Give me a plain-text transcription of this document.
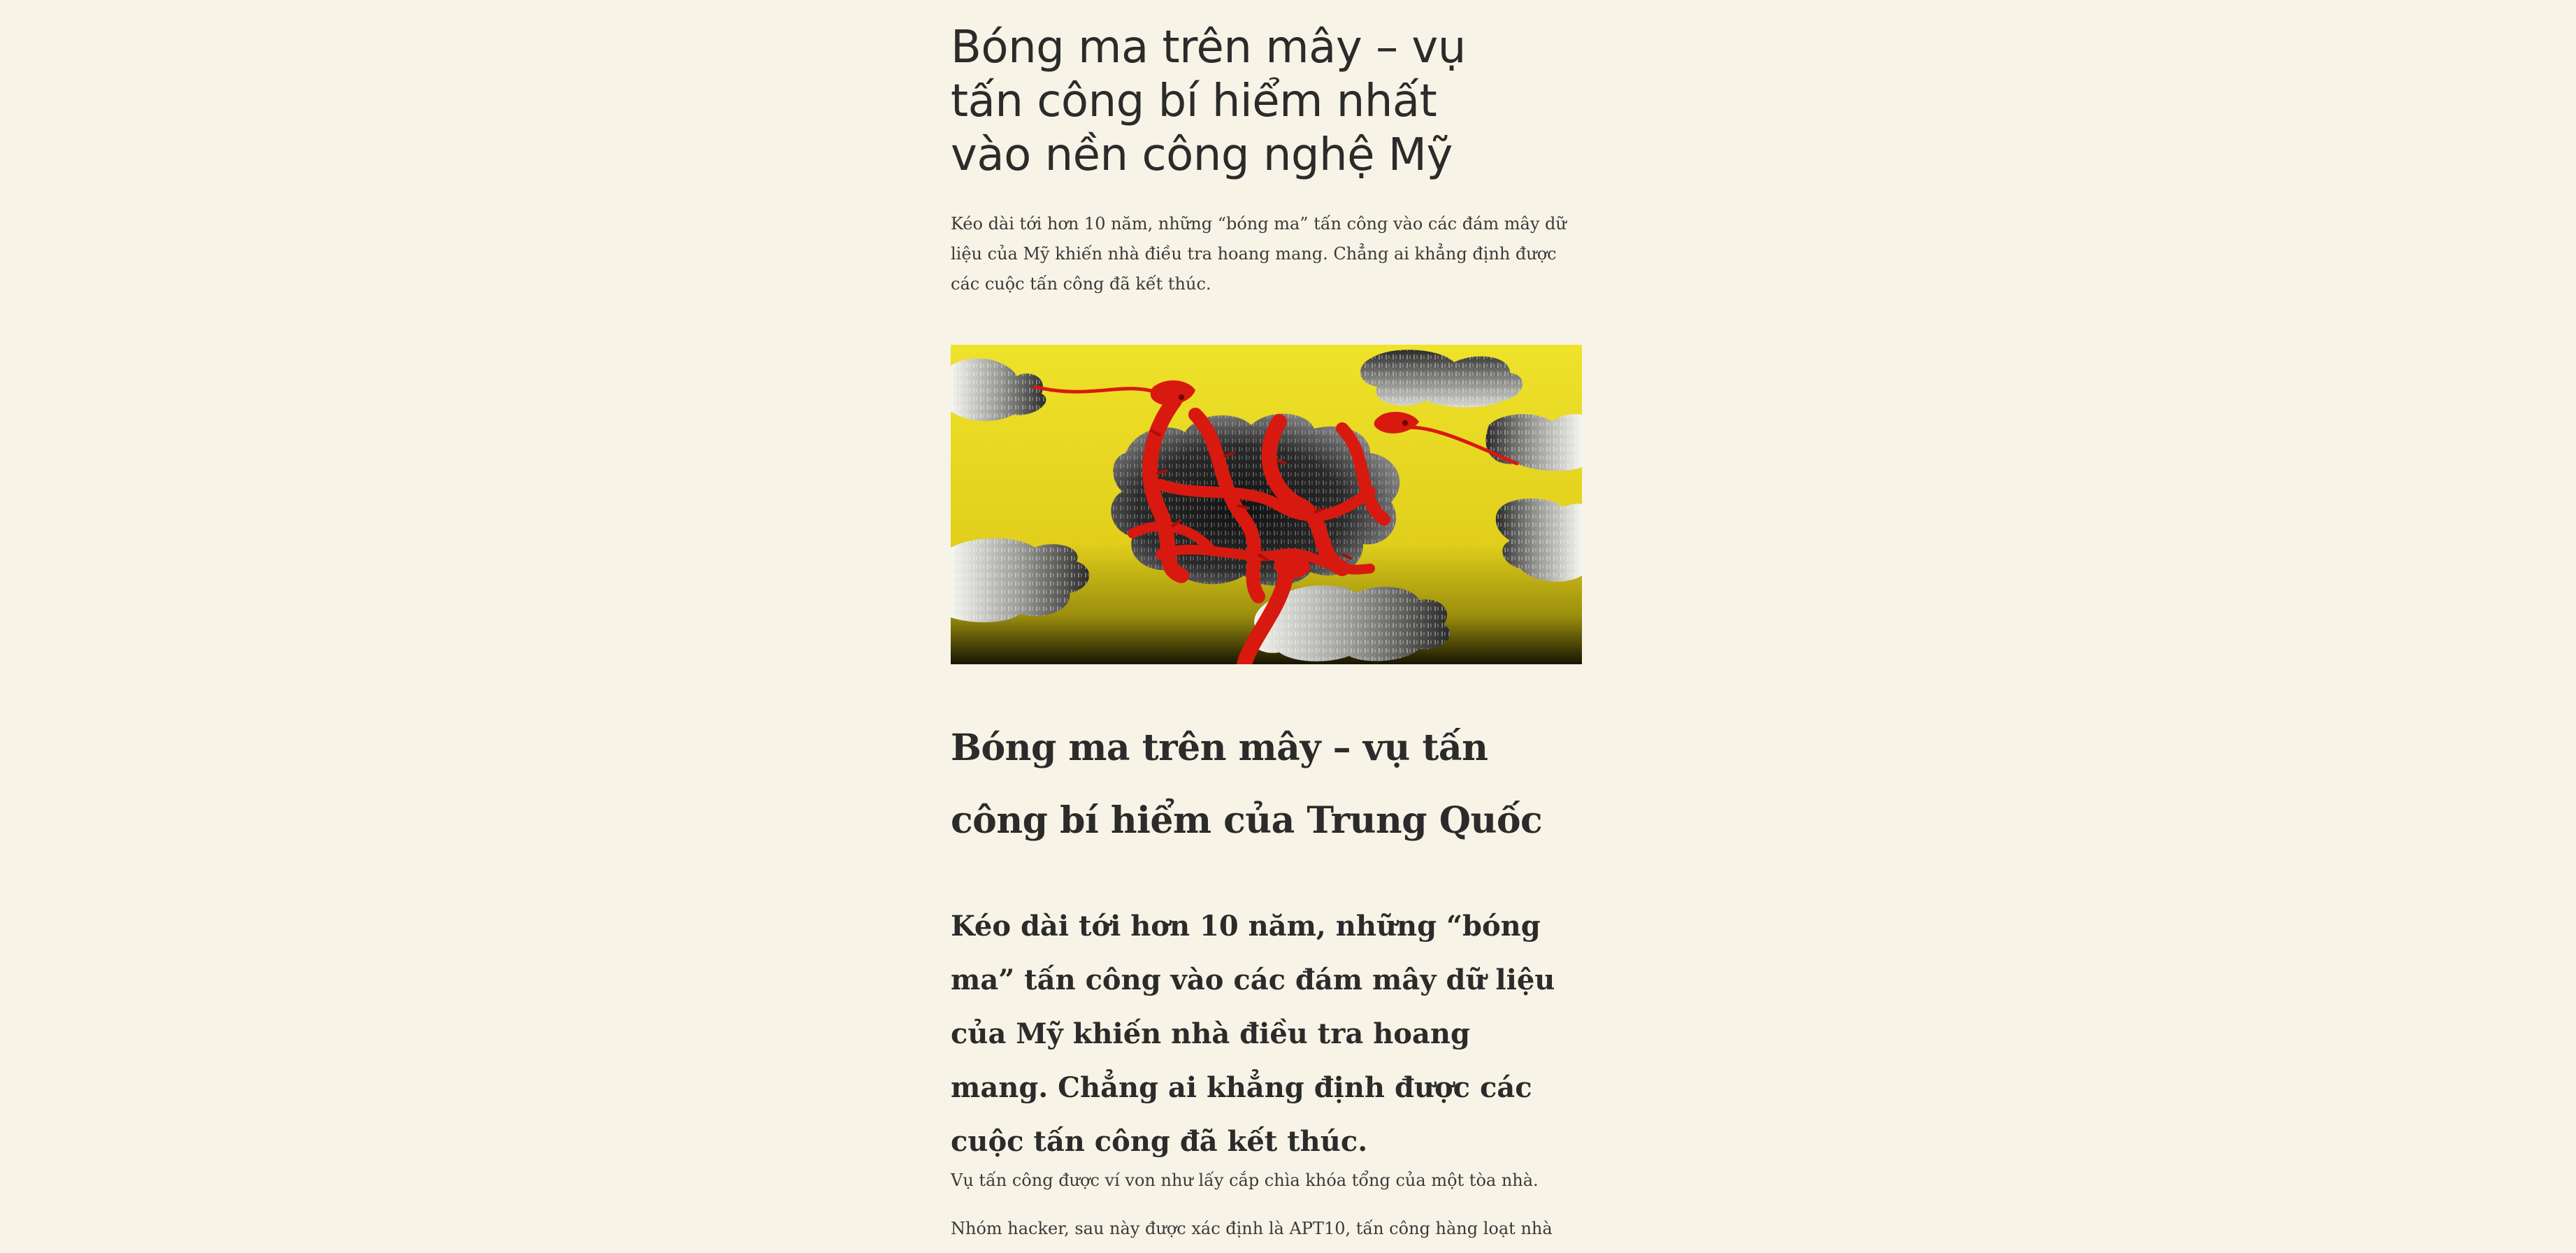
Bóng ma trên mây – vụ tấn công bí hiểm nhất vào nền công nghệ Mỹ

Kéo dài tới hơn 10 năm, những “bóng ma” tấn công vào các đám mây dữ liệu của Mỹ khiến nhà điều tra hoang mang. Chẳng ai khẳng định được các cuộc tấn công đã kết thúc.

Bóng ma trên mây – vụ tấn công bí hiểm của Trung Quốc

Kéo dài tới hơn 10 năm, những “bóng ma” tấn công vào các đám mây dữ liệu của Mỹ khiến nhà điều tra hoang mang. Chẳng ai khẳng định được các cuộc tấn công đã kết thúc.

Vụ tấn công được ví von như lấy cắp chìa khóa tổng của một tòa nhà.

Nhóm hacker, sau này được xác định là APT10, tấn công hàng loạt nhà
